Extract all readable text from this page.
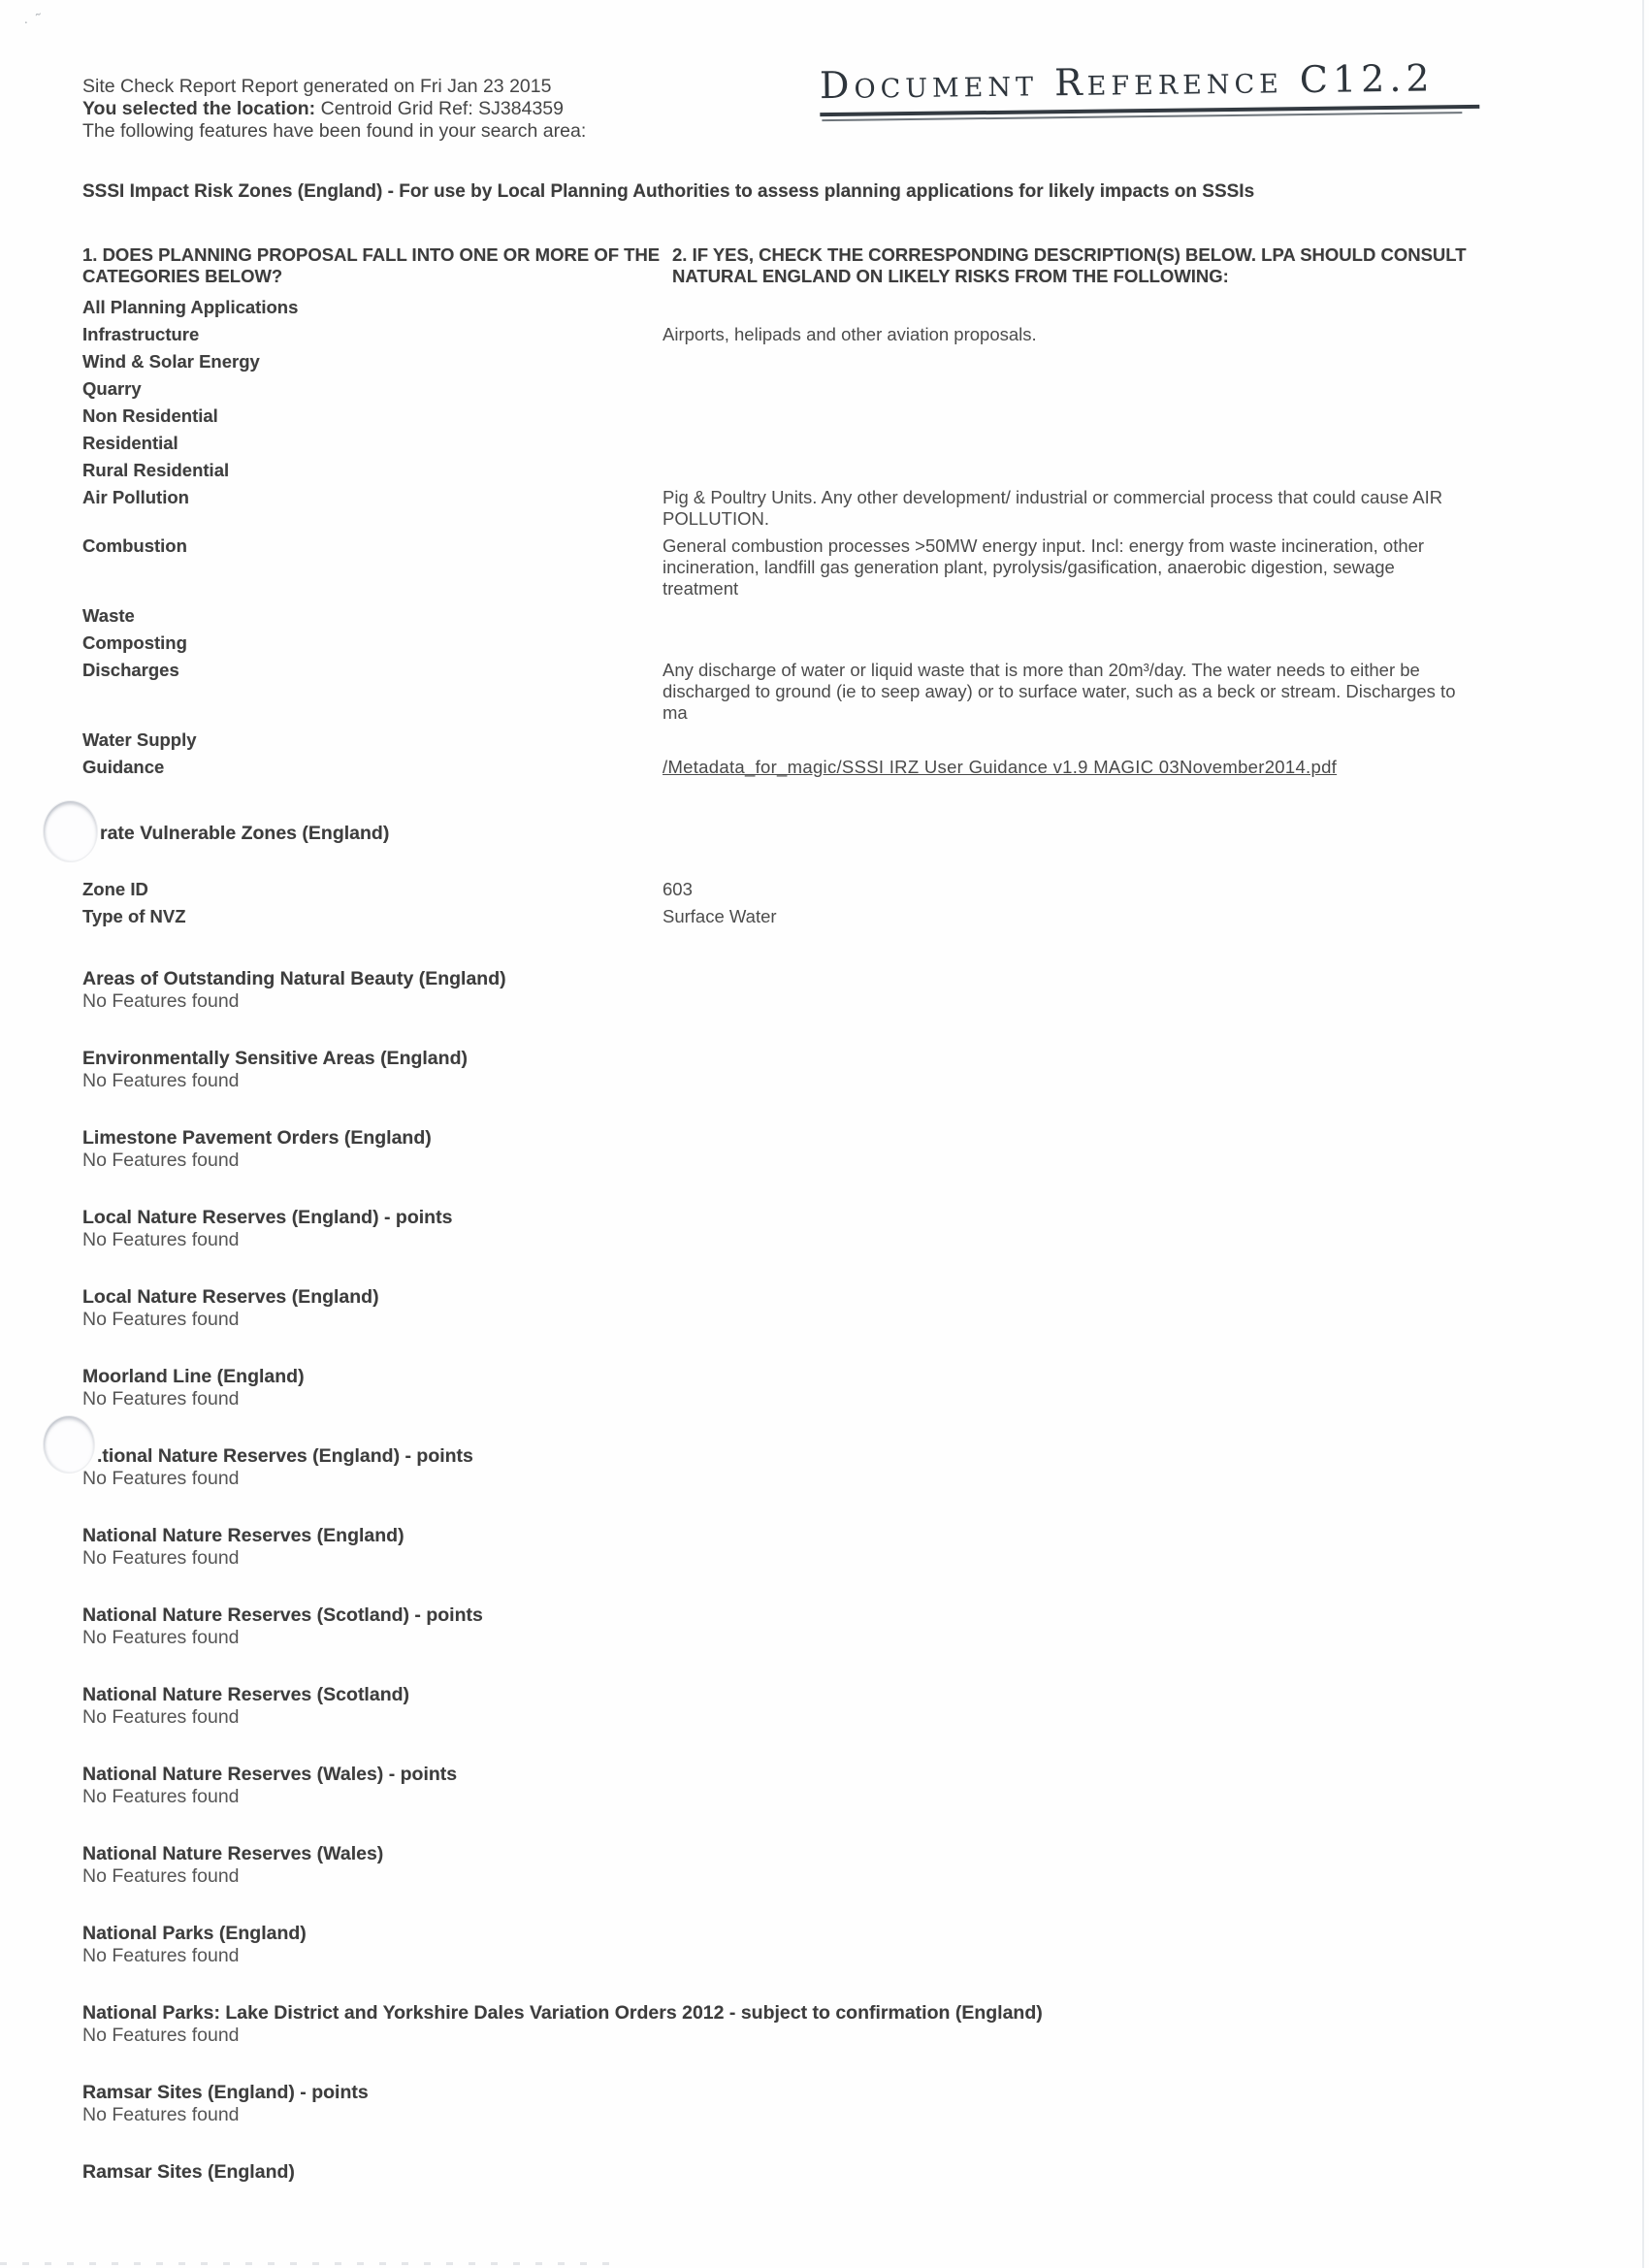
·˜
Site Check Report Report generated on Fri Jan 23 2015
You selected the location: Centroid Grid Ref: SJ384359
The following features have been found in your search area:
Document Reference C12.2
SSSI Impact Risk Zones (England) - For use by Local Planning Authorities to assess planning applications for likely impacts on SSSIs
1. DOES PLANNING PROPOSAL FALL INTO ONE OR MORE OF THE CATEGORIES BELOW?
2. IF YES, CHECK THE CORRESPONDING DESCRIPTION(S) BELOW. LPA SHOULD CONSULT NATURAL ENGLAND ON LIKELY RISKS FROM THE FOLLOWING:
All Planning Applications
Infrastructure	Airports, helipads and other aviation proposals.
Wind & Solar Energy
Quarry
Non Residential
Residential
Rural Residential
Air Pollution	Pig & Poultry Units. Any other development/ industrial or commercial process that could cause AIR POLLUTION.
Combustion	General combustion processes >50MW energy input. Incl: energy from waste incineration, other incineration, landfill gas generation plant, pyrolysis/gasification, anaerobic digestion, sewage treatment
Waste
Composting
Discharges	Any discharge of water or liquid waste that is more than 20m³/day. The water needs to either be discharged to ground (ie to seep away) or to surface water, such as a beck or stream. Discharges to ma
Water Supply
Guidance	/Metadata_for_magic/SSSI IRZ User Guidance v1.9 MAGIC 03November2014.pdf
rate Vulnerable Zones (England)
Zone ID	603
Type of NVZ	Surface Water
Areas of Outstanding Natural Beauty (England)
No Features found
Environmentally Sensitive Areas (England)
No Features found
Limestone Pavement Orders (England)
No Features found
Local Nature Reserves (England) - points
No Features found
Local Nature Reserves (England)
No Features found
Moorland Line (England)
No Features found
.tional Nature Reserves (England) - points
No Features found
National Nature Reserves (England)
No Features found
National Nature Reserves (Scotland) - points
No Features found
National Nature Reserves (Scotland)
No Features found
National Nature Reserves (Wales) - points
No Features found
National Nature Reserves (Wales)
No Features found
National Parks (England)
No Features found
National Parks: Lake District and Yorkshire Dales Variation Orders 2012 - subject to confirmation (England)
No Features found
Ramsar Sites (England) - points
No Features found
Ramsar Sites (England)
